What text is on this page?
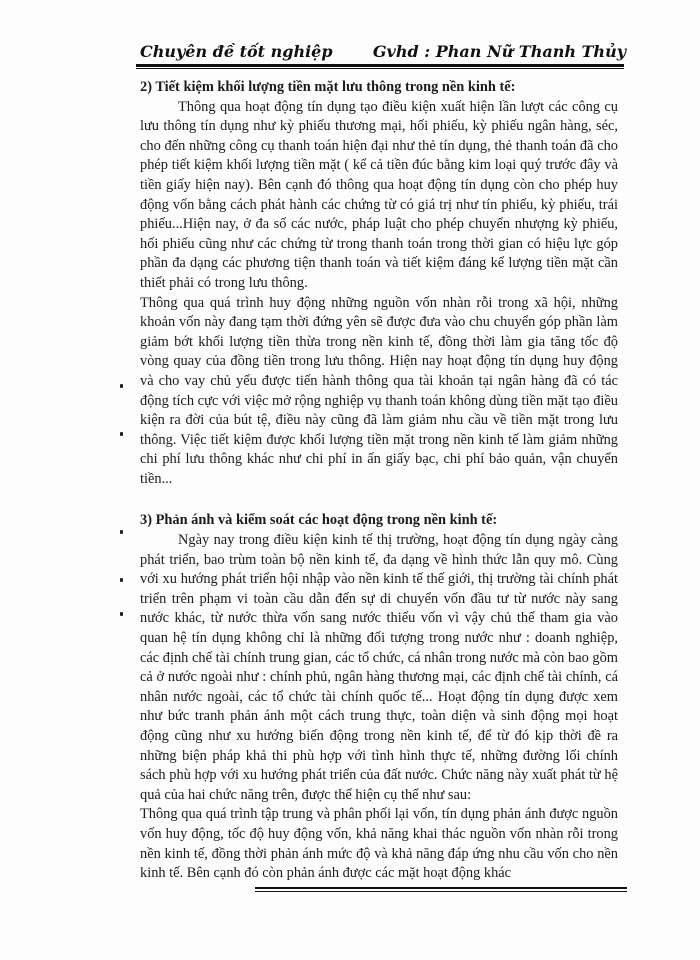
Chuyên đề tốt nghiệp	Gvhd : Phan Nữ Thanh Thủy

2) Tiết kiệm khối lượng tiền mặt lưu thông trong nền kinh tế:

Thông qua hoạt động tín dụng tạo điều kiện xuất hiện lần lượt các công cụ lưu thông tín dụng như kỳ phiếu thương mại, hối phiếu, kỳ phiếu ngân hàng, séc, cho đến những công cụ thanh toán hiện đại như thẻ tín dụng, thẻ thanh toán đã cho phép tiết kiệm khối lượng tiền mặt ( kể cả tiền đúc bằng kim loại quý trước đây và tiền giấy hiện nay). Bên cạnh đó thông qua hoạt động tín dụng còn cho phép huy động vốn bằng cách phát hành các chứng từ có giá trị như tín phiếu, kỳ phiếu, trái phiếu...Hiện nay, ở đa số các nước, pháp luật cho phép chuyển nhượng kỳ phiếu, hối phiếu cũng như các chứng từ trong thanh toán trong thời gian có hiệu lực góp phần đa dạng các phương tiện thanh toán và tiết kiệm đáng kể lượng tiền mặt cần thiết phải có trong lưu thông.

Thông qua quá trình huy động những nguồn vốn nhàn rỗi trong xã hội, những khoản vốn này đang tạm thời đứng yên sẽ được đưa vào chu chuyển góp phần làm giảm bớt khối lượng tiền thừa trong nền kinh tế, đồng thời làm gia tăng tốc độ vòng quay của đồng tiền trong lưu thông. Hiện nay hoạt động tín dụng huy động và cho vay chủ yếu được tiến hành thông qua tài khoản tại ngân hàng đã có tác động tích cực với việc mở rộng nghiệp vụ thanh toán không dùng tiền mặt tạo điều kiện ra đời của bút tệ, điều này cũng đã làm giảm nhu cầu về tiền mặt trong lưu thông. Việc tiết kiệm được khối lượng tiền mặt trong nền kinh tế làm giảm những chi phí lưu thông khác như chi phí in ấn giấy bạc, chi phí bảo quản, vận chuyển tiền...

3) Phản ánh và kiểm soát các hoạt động trong nền kinh tế:

Ngày nay trong điều kiện kinh tế thị trường, hoạt động tín dụng ngày càng phát triển, bao trùm toàn bộ nền kinh tế, đa dạng về hình thức lẫn quy mô. Cùng với xu hướng phát triển hội nhập vào nền kinh tế thế giới, thị trường tài chính phát triển trên phạm vi toàn cầu dẫn đến sự di chuyển vốn đầu tư từ nước này sang nước khác, từ nước thừa vốn sang nước thiếu vốn vì vậy chủ thể tham gia vào quan hệ tín dụng không chỉ là những đối tượng trong nước như : doanh nghiệp, các định chế tài chính trung gian, các tổ chức, cá nhân trong nước mà còn bao gồm cả ở nước ngoài như : chính phủ, ngân hàng thương mại, các định chế tài chính, cá nhân nước ngoài, các tổ chức tài chính quốc tế... Hoạt động tín dụng được xem như bức tranh phản ánh một cách trung thực, toàn diện và sinh động mọi hoạt động cũng như xu hướng biến động trong nền kinh tế, để từ đó kịp thời đề ra những biện pháp khả thi phù hợp với tình hình thực tế, những đường lối chính sách phù hợp với xu hướng phát triển của đất nước. Chức năng này xuất phát từ hệ quả của hai chức năng trên, được thể hiện cụ thể như sau:

Thông qua quá trình tập trung và phân phối lại vốn, tín dụng phản ánh được nguồn vốn huy động, tốc độ huy động vốn, khả năng khai thác nguồn vốn nhàn rỗi trong nền kinh tế, đồng thời phản ánh mức độ và khả năng đáp ứng nhu cầu vốn cho nền kinh tế. Bên cạnh đó còn phản ánh được các mặt hoạt động khác
